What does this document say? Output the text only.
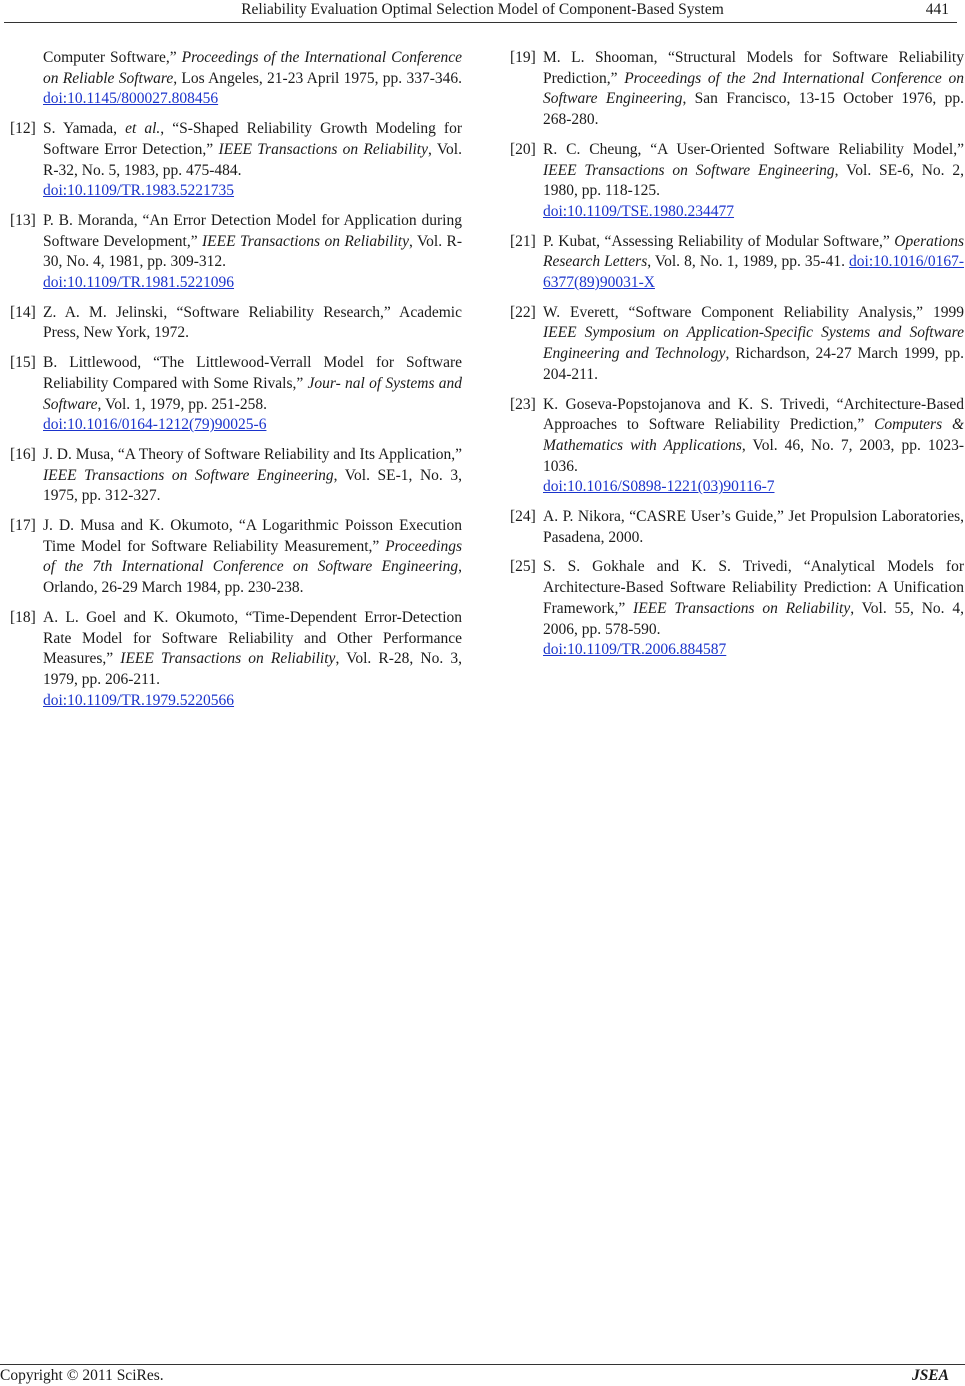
Reliability Evaluation Optimal Selection Model of Component-Based System	441
Computer Software,” Proceedings of the International Conference on Reliable Software, Los Angeles, 21-23 April 1975, pp. 337-346. doi:10.1145/800027.808456
[12] S. Yamada, et al., “S-Shaped Reliability Growth Modeling for Software Error Detection,” IEEE Transactions on Reliability, Vol. R-32, No. 5, 1983, pp. 475-484.
doi:10.1109/TR.1983.5221735
[13] P. B. Moranda, “An Error Detection Model for Application during Software Development,” IEEE Transactions on Reliability, Vol. R-30, No. 4, 1981, pp. 309-312.
doi:10.1109/TR.1981.5221096
[14] Z. A. M. Jelinski, “Software Reliability Research,” Academic Press, New York, 1972.
[15] B. Littlewood, “The Littlewood-Verrall Model for Software Reliability Compared with Some Rivals,” Jour- nal of Systems and Software, Vol. 1, 1979, pp. 251-258.
doi:10.1016/0164-1212(79)90025-6
[16] J. D. Musa, “A Theory of Software Reliability and Its Application,” IEEE Transactions on Software Engineering, Vol. SE-1, No. 3, 1975, pp. 312-327.
[17] J. D. Musa and K. Okumoto, “A Logarithmic Poisson Execution Time Model for Software Reliability Measurement,” Proceedings of the 7th International Conference on Software Engineering, Orlando, 26-29 March 1984, pp. 230-238.
[18] A. L. Goel and K. Okumoto, “Time-Dependent Error-Detection Rate Model for Software Reliability and Other Performance Measures,” IEEE Transactions on Reliability, Vol. R-28, No. 3, 1979, pp. 206-211.
doi:10.1109/TR.1979.5220566
[19] M. L. Shooman, “Structural Models for Software Reliability Prediction,” Proceedings of the 2nd International Conference on Software Engineering, San Francisco, 13-15 October 1976, pp. 268-280.
[20] R. C. Cheung, “A User-Oriented Software Reliability Model,” IEEE Transactions on Software Engineering, Vol. SE-6, No. 2, 1980, pp. 118-125.
doi:10.1109/TSE.1980.234477
[21] P. Kubat, “Assessing Reliability of Modular Software,” Operations Research Letters, Vol. 8, No. 1, 1989, pp. 35-41. doi:10.1016/0167-6377(89)90031-X
[22] W. Everett, “Software Component Reliability Analysis,” 1999 IEEE Symposium on Application-Specific Systems and Software Engineering and Technology, Richardson, 24-27 March 1999, pp. 204-211.
[23] K. Goseva-Popstojanova and K. S. Trivedi, “Architecture-Based Approaches to Software Reliability Prediction,” Computers & Mathematics with Applications, Vol. 46, No. 7, 2003, pp. 1023-1036.
doi:10.1016/S0898-1221(03)90116-7
[24] A. P. Nikora, “CASRE User’s Guide,” Jet Propulsion Laboratories, Pasadena, 2000.
[25] S. S. Gokhale and K. S. Trivedi, “Analytical Models for Architecture-Based Software Reliability Prediction: A Unification Framework,” IEEE Transactions on Reliability, Vol. 55, No. 4, 2006, pp. 578-590.
doi:10.1109/TR.2006.884587
Copyright © 2011 SciRes.	JSEA
